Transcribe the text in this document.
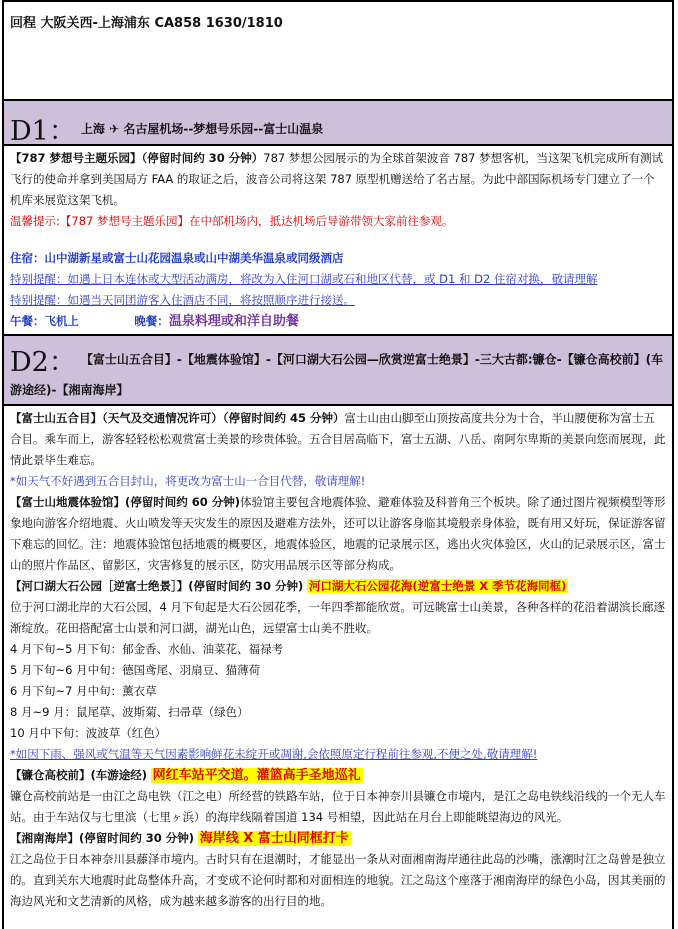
回程 大阪关西-上海浦东 CA858 1630/1810
D1： 上海 ✈ 名古屋机场--梦想号乐园--富士山温泉

【787 梦想号主题乐园】（停留时间约 30 分钟）787 梦想公园展示的为全球首架波音 787 梦想客机，当这架飞机完成所有测试飞行的使命并拿到美国局方 FAA 的取证之后，波音公司将这架 787 原型机赠送给了名古屋。为此中部国际机场专门建立了一个机库来展览这架飞机。

温馨提示:【787 梦想号主题乐园】在中部机场内，抵达机场后导游带领大家前往参观。

住宿：山中湖新星或富士山花园温泉或山中湖美华温泉或同级酒店

特别提醒：如遇上日本连休或大型活动满房，将改为入住河口湖或石和地区代替，或 D1 和 D2 住宿对换，敬请理解

特别提醒：如遇当天同团游客入住酒店不同，将按照顺序进行接送。

午餐：飞机上	晚餐：温泉料理或和洋自助餐

D2： 【富士山五合目】-【地震体验馆】-【河口湖大石公园—欣赏逆富士绝景】-三大古都:镰仓-【镰仓高校前】(车游途经)-【湘南海岸】

【富士山五合目】（天气及交通情况许可）（停留时间约 45 分钟）富士山由山脚至山顶按高度共分为十合，半山腰便称为富士五合目。乘车而上，游客轻轻松松观赏富士美景的珍贵体验。五合目居高临下，富士五湖、八岳、南阿尔卑斯的美景向您而展现，此情此景毕生难忘。

*如天气不好遇到五合目封山，将更改为富士山一合目代替，敬请理解!

【富士山地震体验馆】(停留时间约 60 分钟)体验馆主要包含地震体验、避难体验及科普角三个板块。除了通过图片视频模型等形象地向游客介绍地震、火山喷发等天灾发生的原因及避难方法外，还可以让游客身临其境般亲身体验，既有用又好玩，保证游客留下难忘的回忆。注：地震体验馆包括地震的概要区，地震体验区，地震的记录展示区，逃出火灾体验区，火山的记录展示区，富士山的照片作品区、留影区，灾害修复的展示区，防灾用品展示区等部分构成。

【河口湖大石公园［逆富士绝景］】(停留时间约 30 分钟) 河口湖大石公园花海(逆富士绝景 X 季节花海同框)

位于河口湖北岸的大石公园，4 月下旬起是大石公园花季，一年四季都能欣赏。可远眺富士山美景，各种各样的花沿着湖滨长廊逐渐绽放。花田搭配富士山景和河口湖，湖光山色，远望富士山美不胜收。

4 月下旬~5 月下旬：郁金香、水仙、油菜花、福禄考

5 月下旬~6 月中旬：德国鸢尾、羽扇豆、猫薄荷

6 月下旬~7 月中旬：薰衣草

8 月~9 月：鼠尾草、波斯菊、扫帚草（绿色）

10 月中下旬：波波草（红色）

*如因下雨、强风或气温等天气因素影响鲜花未绽开或凋谢,会依照原定行程前往参观,不便之处,敬请理解!

【镰仓高校前】(车游途经) 网红车站平交道。灌篮高手圣地巡礼

镰仓高校前站是一由江之岛电铁（江之电）所经营的铁路车站，位于日本神奈川县镰仓市境内，是江之岛电铁线沿线的一个无人车站。由于车站仅与七里滨（七里ヶ浜）的海岸线隔着国道 134 号相望，因此站在月台上即能眺望海边的风光。

【湘南海岸】(停留时间约 30 分钟) 海岸线 X 富士山同框打卡

江之岛位于日本神奈川县藤泽市境内。古时只有在退潮时，才能显出一条从对面湘南海岸通往此岛的沙嘴，涨潮时江之岛曾是独立的。直到关东大地震时此岛整体升高，才变成不论何时都和对面相连的地貌。江之岛这个座落于湘南海岸的绿色小岛，因其美丽的海边风光和文艺清新的风格，成为越来越多游客的出行目的地。
